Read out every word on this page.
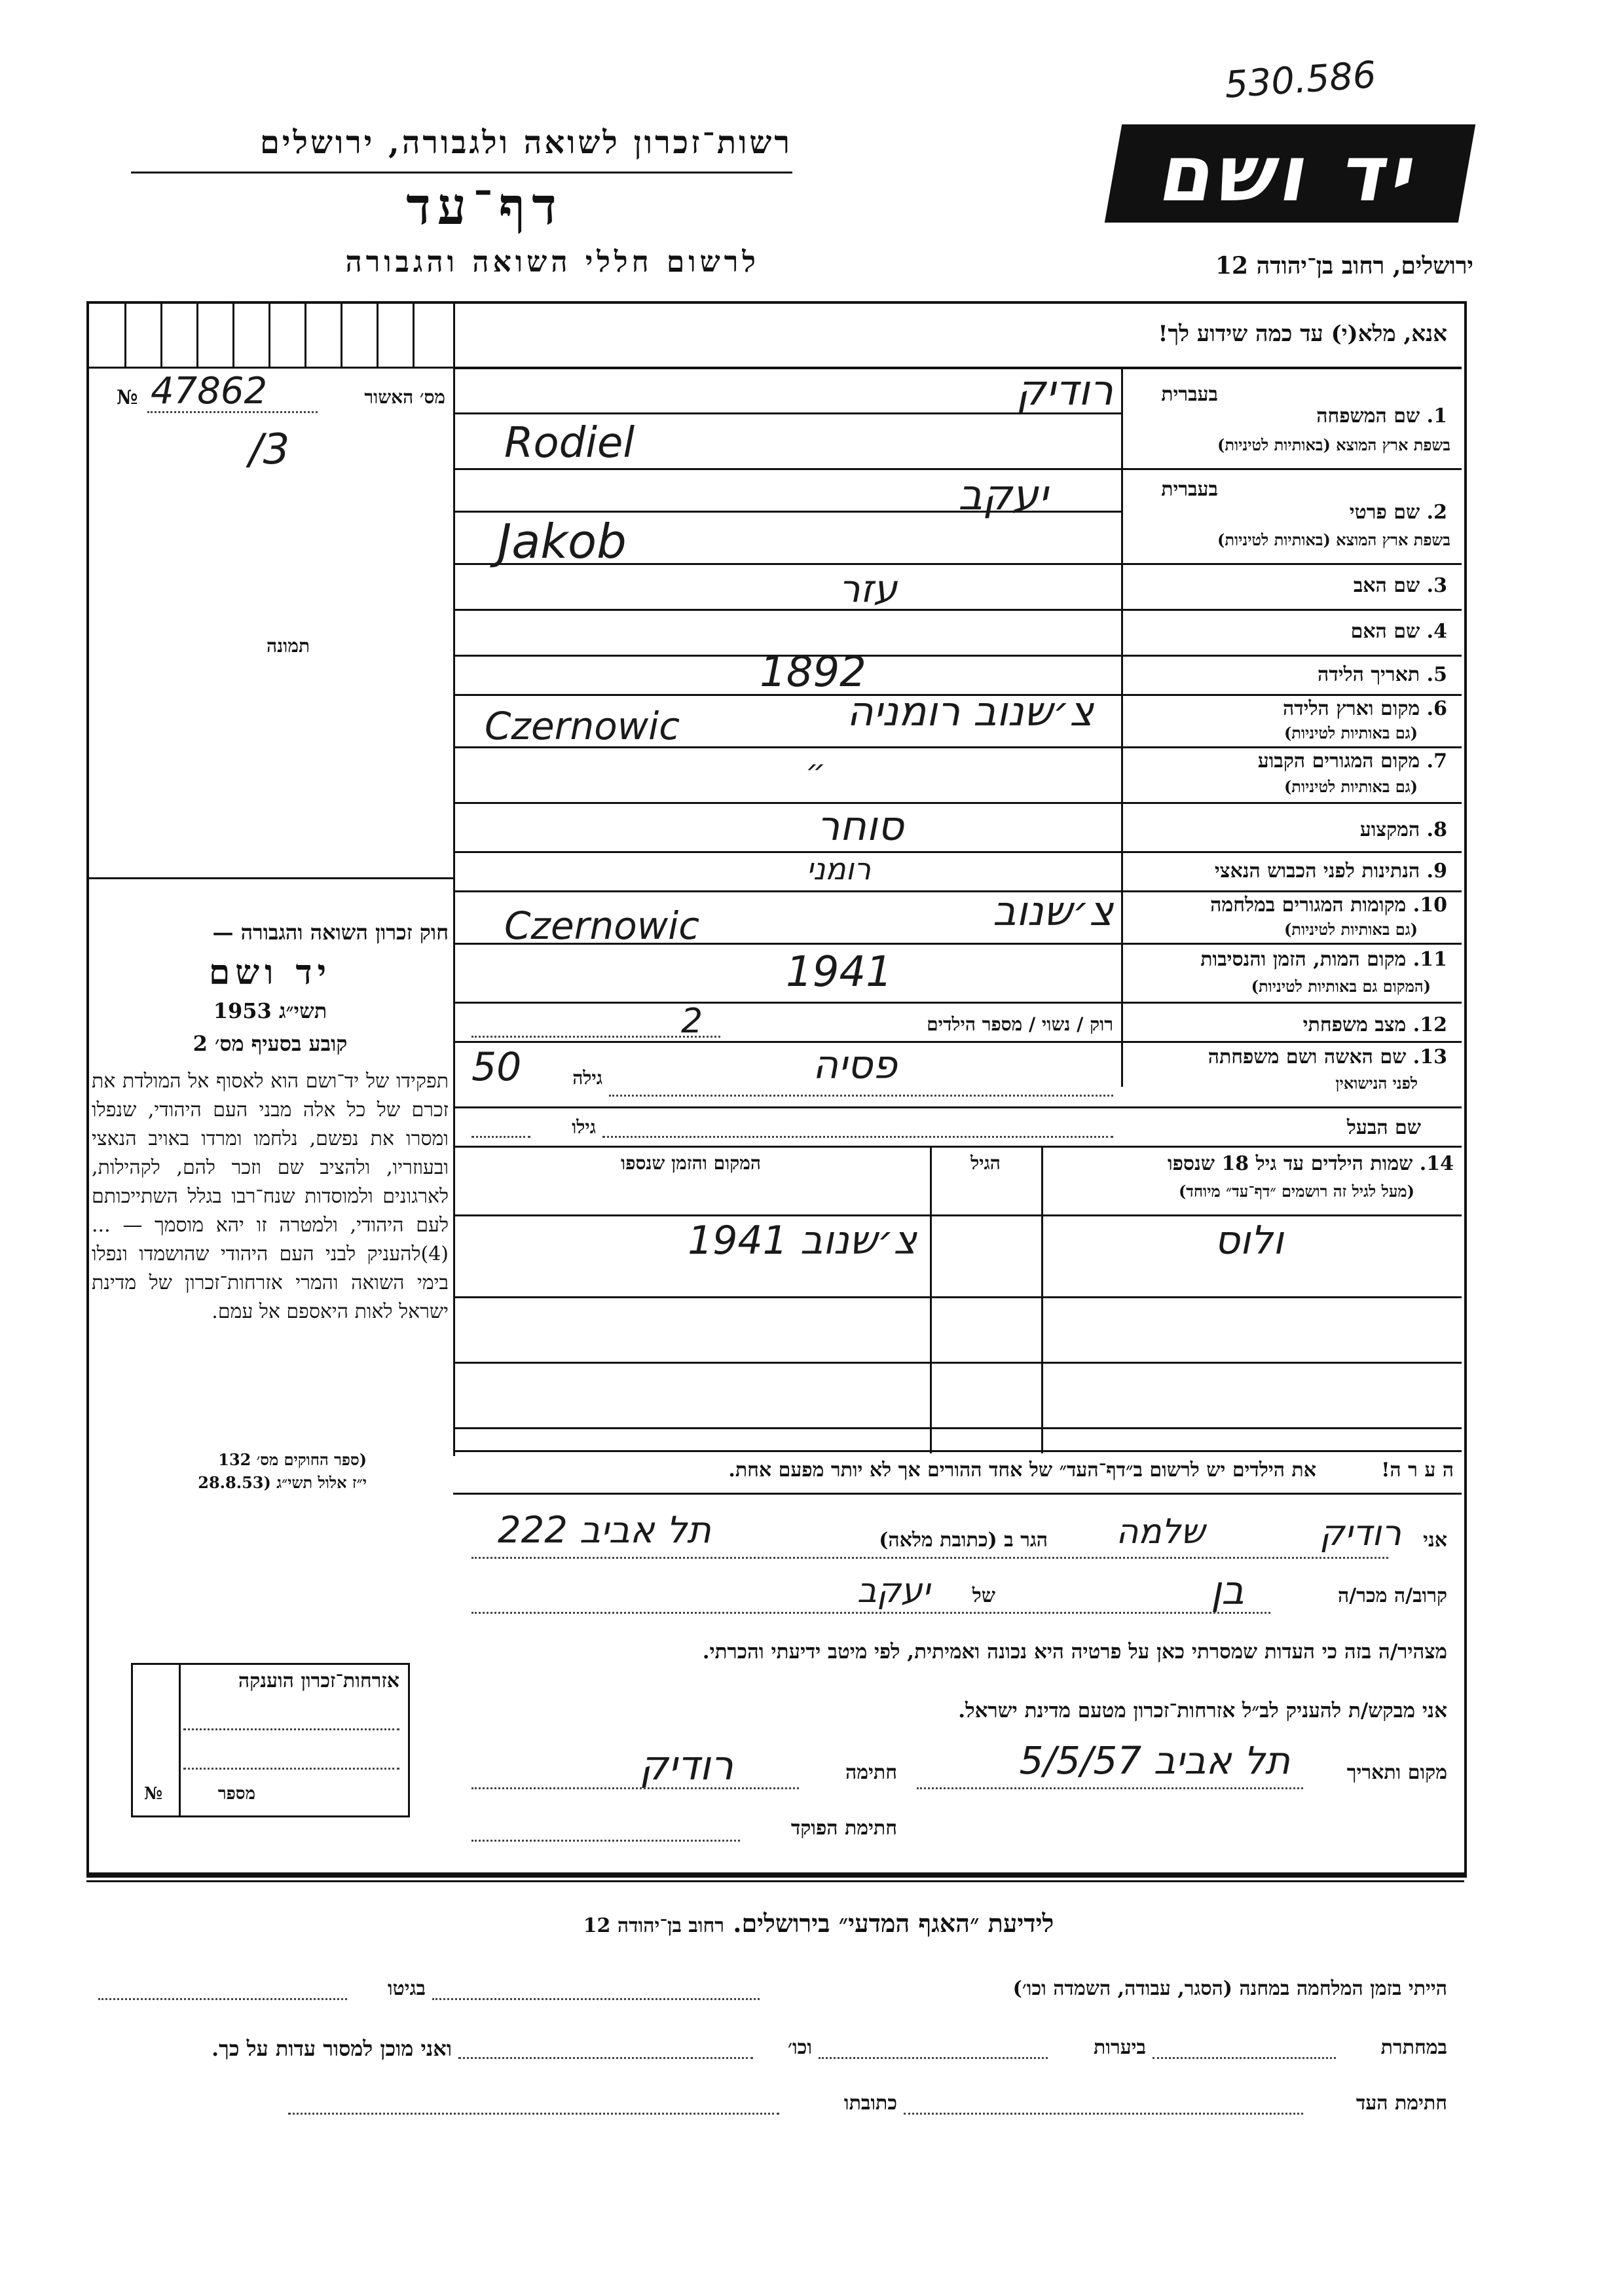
530.586
רשות־זכרון לשואה ולגבורה, ירושלים
דף־עד
לרשום חללי השואה והגבורה
יד ושם
ירושלים, רחוב בן־יהודה 12
אנא, מלא(י) עד כמה שידוע לך!
מס׳ האשור
№ 47862
/3
תמונה
בעברית
1. שם המשפחה
בשפת ארץ המוצא (באותיות לטיניות)
בעברית
2. שם פרטי
בשפת ארץ המוצא (באותיות לטיניות)
3. שם האב
4. שם האם
5. תאריך הלידה
6. מקום וארץ הלידה
(גם באותיות לטיניות)
7. מקום המגורים הקבוע
(גם באותיות לטיניות)
8. המקצוע
9. הנתינות לפני הכבוש הנאצי
10. מקומות המגורים במלחמה
(גם באותיות לטיניות)
11. מקום המות, הזמן והנסיבות
(המקום גם באותיות לטיניות)
12. מצב משפחתי
13. שם האשה ושם משפחתה
לפני הנישואין
שם הבעל
רודיק
Rodiel
יעקב
Jakob
עזר
1892
צ׳שנוב רומניה
Czernowic
״
סוחר
רומני
צ׳שנוב
Czernowic
1941
רוק / נשוי / מספר הילדים
2
פסיה
גילה
50
גילו
14. שמות הילדים עד גיל 18 שנספו
(מעל לגיל זה רושמים ״דף־עד״ מיוחד)
הגיל
המקום והזמן שנספו
ולוס
צ׳שנוב 1941
חוק זכרון השואה והגבורה —
יד ושם
תשי״ג 1953
קובע בסעיף מס׳ 2
תפקידו של יד־ושם הוא לאסוף אל המולדת את זכרם של כל אלה מבני העם היהודי, שנפלו ומסרו את נפשם, נלחמו ומרדו באויב הנאצי ובעוזריו, ולהציב שם וזכר להם, לקהילות, לארגונים ולמוסדות שנח־רבו בגלל השתייכותם לעם היהודי, ולמטרה זו יהא מוסמך — ...(4)להעניק לבני העם היהודי שהושמדו ונפלו בימי השואה והמרי אזרחות־זכרון של מדינת ישראל לאות היאספם אל עמם.
(ספר החוקים מס׳ 132
י״ז אלול תשי״ג (28.8.53
אזרחות־זכרון הוענקה
מספר
№
ה ע ר ה!
את הילדים יש לרשום ב״דף־העד״ של אחד ההורים אך לא יותר מפעם אחת.
אני
רודיק
שלמה
הגר ב (כתובת מלאה)
תל אביב 222
קרוב/ה מכר/ה
בן
של
יעקב
מצהיר/ה בזה כי העדות שמסרתי כאן על פרטיה היא נכונה ואמיתית, לפי מיטב ידיעתי והכרתי.
אני מבקש/ת להעניק לב״ל אזרחות־זכרון מטעם מדינת ישראל.
מקום ותאריך
תל אביב 5/5/57
חתימה
רודיק
חתימת הפוקד
לידיעת ״האגף המדעי״ בירושלים. רחוב בן־יהודה 12
הייתי בזמן המלחמה במחנה (הסגר, עבודה, השמדה וכו׳)
בגיטו
במחתרת
ביערות
וכו׳
ואני מוכן למסור עדות על כך.
חתימת העד
כתובתו
